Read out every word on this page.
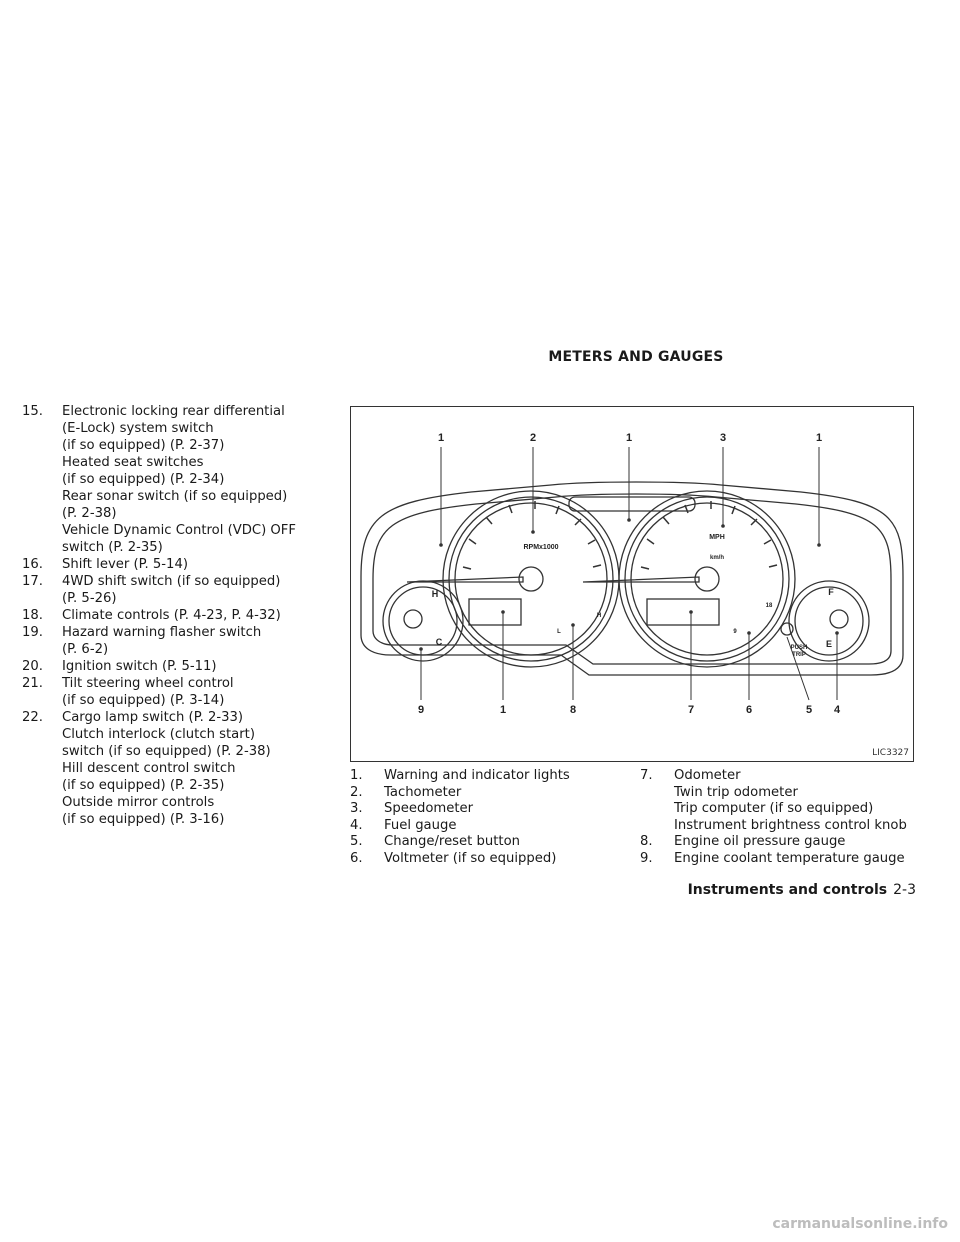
METERS AND GAUGES
15.	Electronic locking rear differential
(E-Lock) system switch
(if so equipped) (P. 2-37)
Heated seat switches
(if so equipped) (P. 2-34)
Rear sonar switch (if so equipped)
(P. 2-38)
Vehicle Dynamic Control (VDC) OFF
switch (P. 2-35)
16.	Shift lever (P. 5-14)
17.	4WD shift switch (if so equipped)
(P. 5-26)
18.	Climate controls (P. 4-23, P. 4-32)
19.	Hazard warning flasher switch
(P. 6-2)
20.	Ignition switch (P. 5-11)
21.	Tilt steering wheel control
(if so equipped) (P. 3-14)
22.	Cargo lamp switch (P. 2-33)
Clutch interlock (clutch start)
switch (if so equipped) (P. 2-38)
Hill descent control switch
(if so equipped) (P. 2-35)
Outside mirror controls
(if so equipped) (P. 3-16)
1	2	1	3	1
9	1	8	7	6	5 4
RPMx1000
MPH
km/h
H
C
F
E
H
L
18
9
PUSH
TRIP
LIC3327
1.	Warning and indicator lights
2.	Tachometer
3.	Speedometer
4.	Fuel gauge
5.	Change/reset button
6.	Voltmeter (if so equipped)
7.	Odometer
Twin trip odometer
Trip computer (if so equipped)
Instrument brightness control knob
8.	Engine oil pressure gauge
9.	Engine coolant temperature gauge
Instruments and controls 2-3
carmanualsonline.info
